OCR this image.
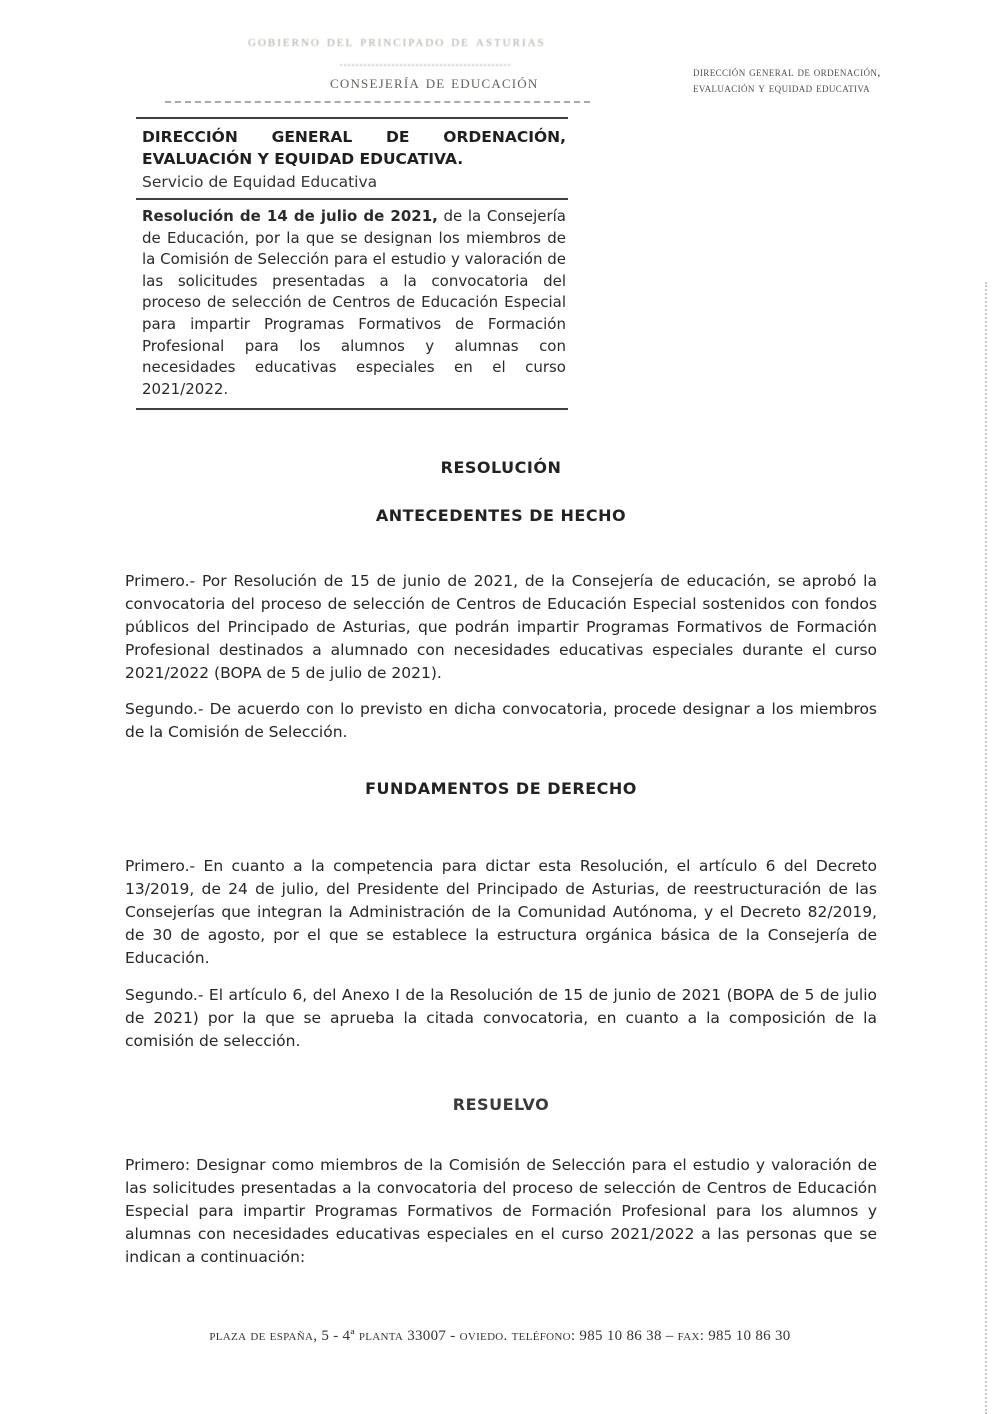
gobierno del principado de asturias
consejería de educación	dirección general de ordenación, evaluación y equidad educativa
DIRECCIÓN GENERAL DE ORDENACIÓN, EVALUACIÓN Y EQUIDAD EDUCATIVA.
Servicio de Equidad Educativa
Resolución de 14 de julio de 2021, de la Consejería de Educación, por la que se designan los miembros de la Comisión de Selección para el estudio y valoración de las solicitudes presentadas a la convocatoria del proceso de selección de Centros de Educación Especial para impartir Programas Formativos de Formación Profesional para los alumnos y alumnas con necesidades educativas especiales en el curso 2021/2022.

RESOLUCIÓN

ANTECEDENTES DE HECHO

Primero.- Por Resolución de 15 de junio de 2021, de la Consejería de educación, se aprobó la convocatoria del proceso de selección de Centros de Educación Especial sostenidos con fondos públicos del Principado de Asturias, que podrán impartir Programas Formativos de Formación Profesional destinados a alumnado con necesidades educativas especiales durante el curso 2021/2022 (BOPA de 5 de julio de 2021).

Segundo.- De acuerdo con lo previsto en dicha convocatoria, procede designar a los miembros de la Comisión de Selección.

FUNDAMENTOS DE DERECHO

Primero.- En cuanto a la competencia para dictar esta Resolución, el artículo 6 del Decreto 13/2019, de 24 de julio, del Presidente del Principado de Asturias, de reestructuración de las Consejerías que integran la Administración de la Comunidad Autónoma, y el Decreto 82/2019, de 30 de agosto, por el que se establece la estructura orgánica básica de la Consejería de Educación.

Segundo.- El artículo 6, del Anexo I de la Resolución de 15 de junio de 2021 (BOPA de 5 de julio de 2021) por la que se aprueba la citada convocatoria, en cuanto a la composición de la comisión de selección.

RESUELVO

Primero: Designar como miembros de la Comisión de Selección para el estudio y valoración de las solicitudes presentadas a la convocatoria del proceso de selección de Centros de Educación Especial para impartir Programas Formativos de Formación Profesional para los alumnos y alumnas con necesidades educativas especiales en el curso 2021/2022 a las personas que se indican a continuación:

plaza de españa, 5 - 4ª planta 33007 - oviedo. teléfono: 985 10 86 38 – fax: 985 10 86 30
